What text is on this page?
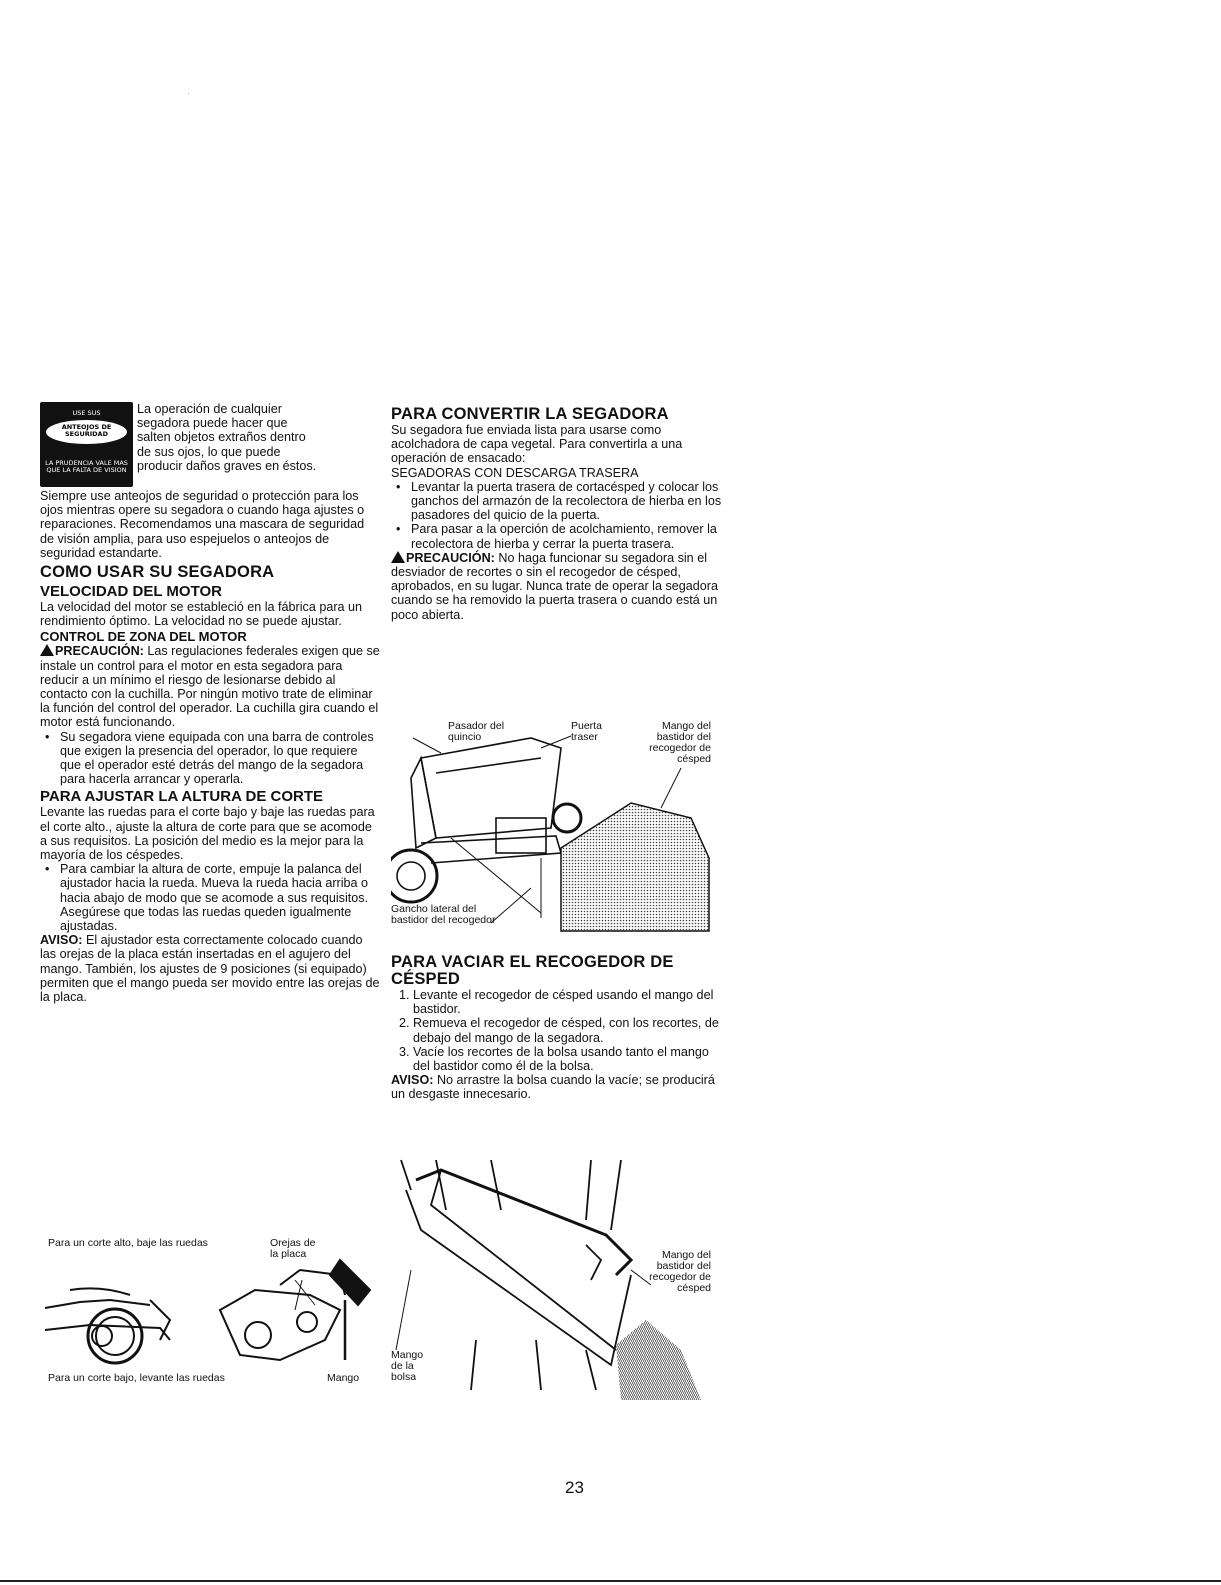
USE SUS
ANTEOJOS DE SEGURIDAD
LA PRUDENCIA VALE MAS QUE LA FALTA DE VISION

La operación de cualquier

segadora puede hacer que

salten objetos extraños dentro

de sus ojos, lo que puede

producir daños graves en éstos.

Siempre use anteojos de seguridad o protección para los ojos mientras opere su segadora o cuando haga ajustes o reparaciones. Recomendamos una mascara de seguridad de visión amplia, para uso espejuelos o anteojos de seguridad estandarte.

COMO USAR SU SEGADORA
VELOCIDAD DEL MOTOR

La velocidad del motor se estableció en la fábrica para un rendimiento óptimo. La velocidad no se puede ajustar.

CONTROL DE ZONA DEL MOTOR

PRECAUCIÓN: Las regulaciones federales exigen que se instale un control para el motor en esta segadora para reducir a un mínimo el riesgo de lesionarse debido al contacto con la cuchilla. Por ningún motivo trate de eliminar la función del control del operador. La cuchilla gira cuando el motor está funcionando.

• Su segadora viene equipada con una barra de controles que exigen la presencia del operador, lo que requiere que el operador esté detrás del mango de la segadora para hacerla arrancar y operarla.
PARA AJUSTAR LA ALTURA DE CORTE

Levante las ruedas para el corte bajo y baje las ruedas para el corte alto., ajuste la altura de corte para que se acomode a sus requisitos. La posición del medio es la mejor para la mayoría de los céspedes.

• Para cambiar la altura de corte, empuje la palanca del ajustador hacia la rueda. Mueva la rueda hacia arriba o hacia abajo de modo que se acomode a sus requisitos. Asegúrese que todas las ruedas queden igualmente ajustadas.

AVISO: El ajustador esta correctamente colocado cuando las orejas de la placa están insertadas en el agujero del mango. También, los ajustes de 9 posiciones (si equipado) permiten que el mango pueda ser movido entre las orejas de la placa.

Para un corte alto, baje las ruedas	Orejas de la placa
Para un corte bajo, levante las ruedas	Mango
PARA CONVERTIR LA SEGADORA

Su segadora fue enviada lista para usarse como acolchadora de capa vegetal. Para convertirla a una operación de ensacado:

SEGADORAS CON DESCARGA TRASERA

• Levantar la puerta trasera de cortacésped y colocar los ganchos del armazón de la recolectora de hierba en los pasadores del quicio de la puerta.
• Para pasar a la operción de acolchamiento, remover la recolectora de hierba y cerrar la puerta trasera.

PRECAUCIÓN: No haga funcionar su segadora sin el desviador de recortes o sin el recogedor de césped, aprobados, en su lugar. Nunca trate de operar la segadora cuando se ha removido la puerta trasera o cuando está un poco abierta.

Pasador del quincio
Puerta traser
Mango del bastidor del recogedor de césped
Gancho lateral del bastidor del recogedor
PARA VACIAR EL RECOGEDOR DE CÉSPED
1. Levante el recogedor de césped usando el mango del bastidor.
2. Remueva el recogedor de césped, con los recortes, de debajo del mango de la segadora.
3. Vacíe los recortes de la bolsa usando tanto el mango del bastidor como él de la bolsa.

AVISO: No arrastre la bolsa cuando la vacíe; se producirá un desgaste innecesario.

Mango del bastidor del recogedor de césped
Mango de la bolsa
23
